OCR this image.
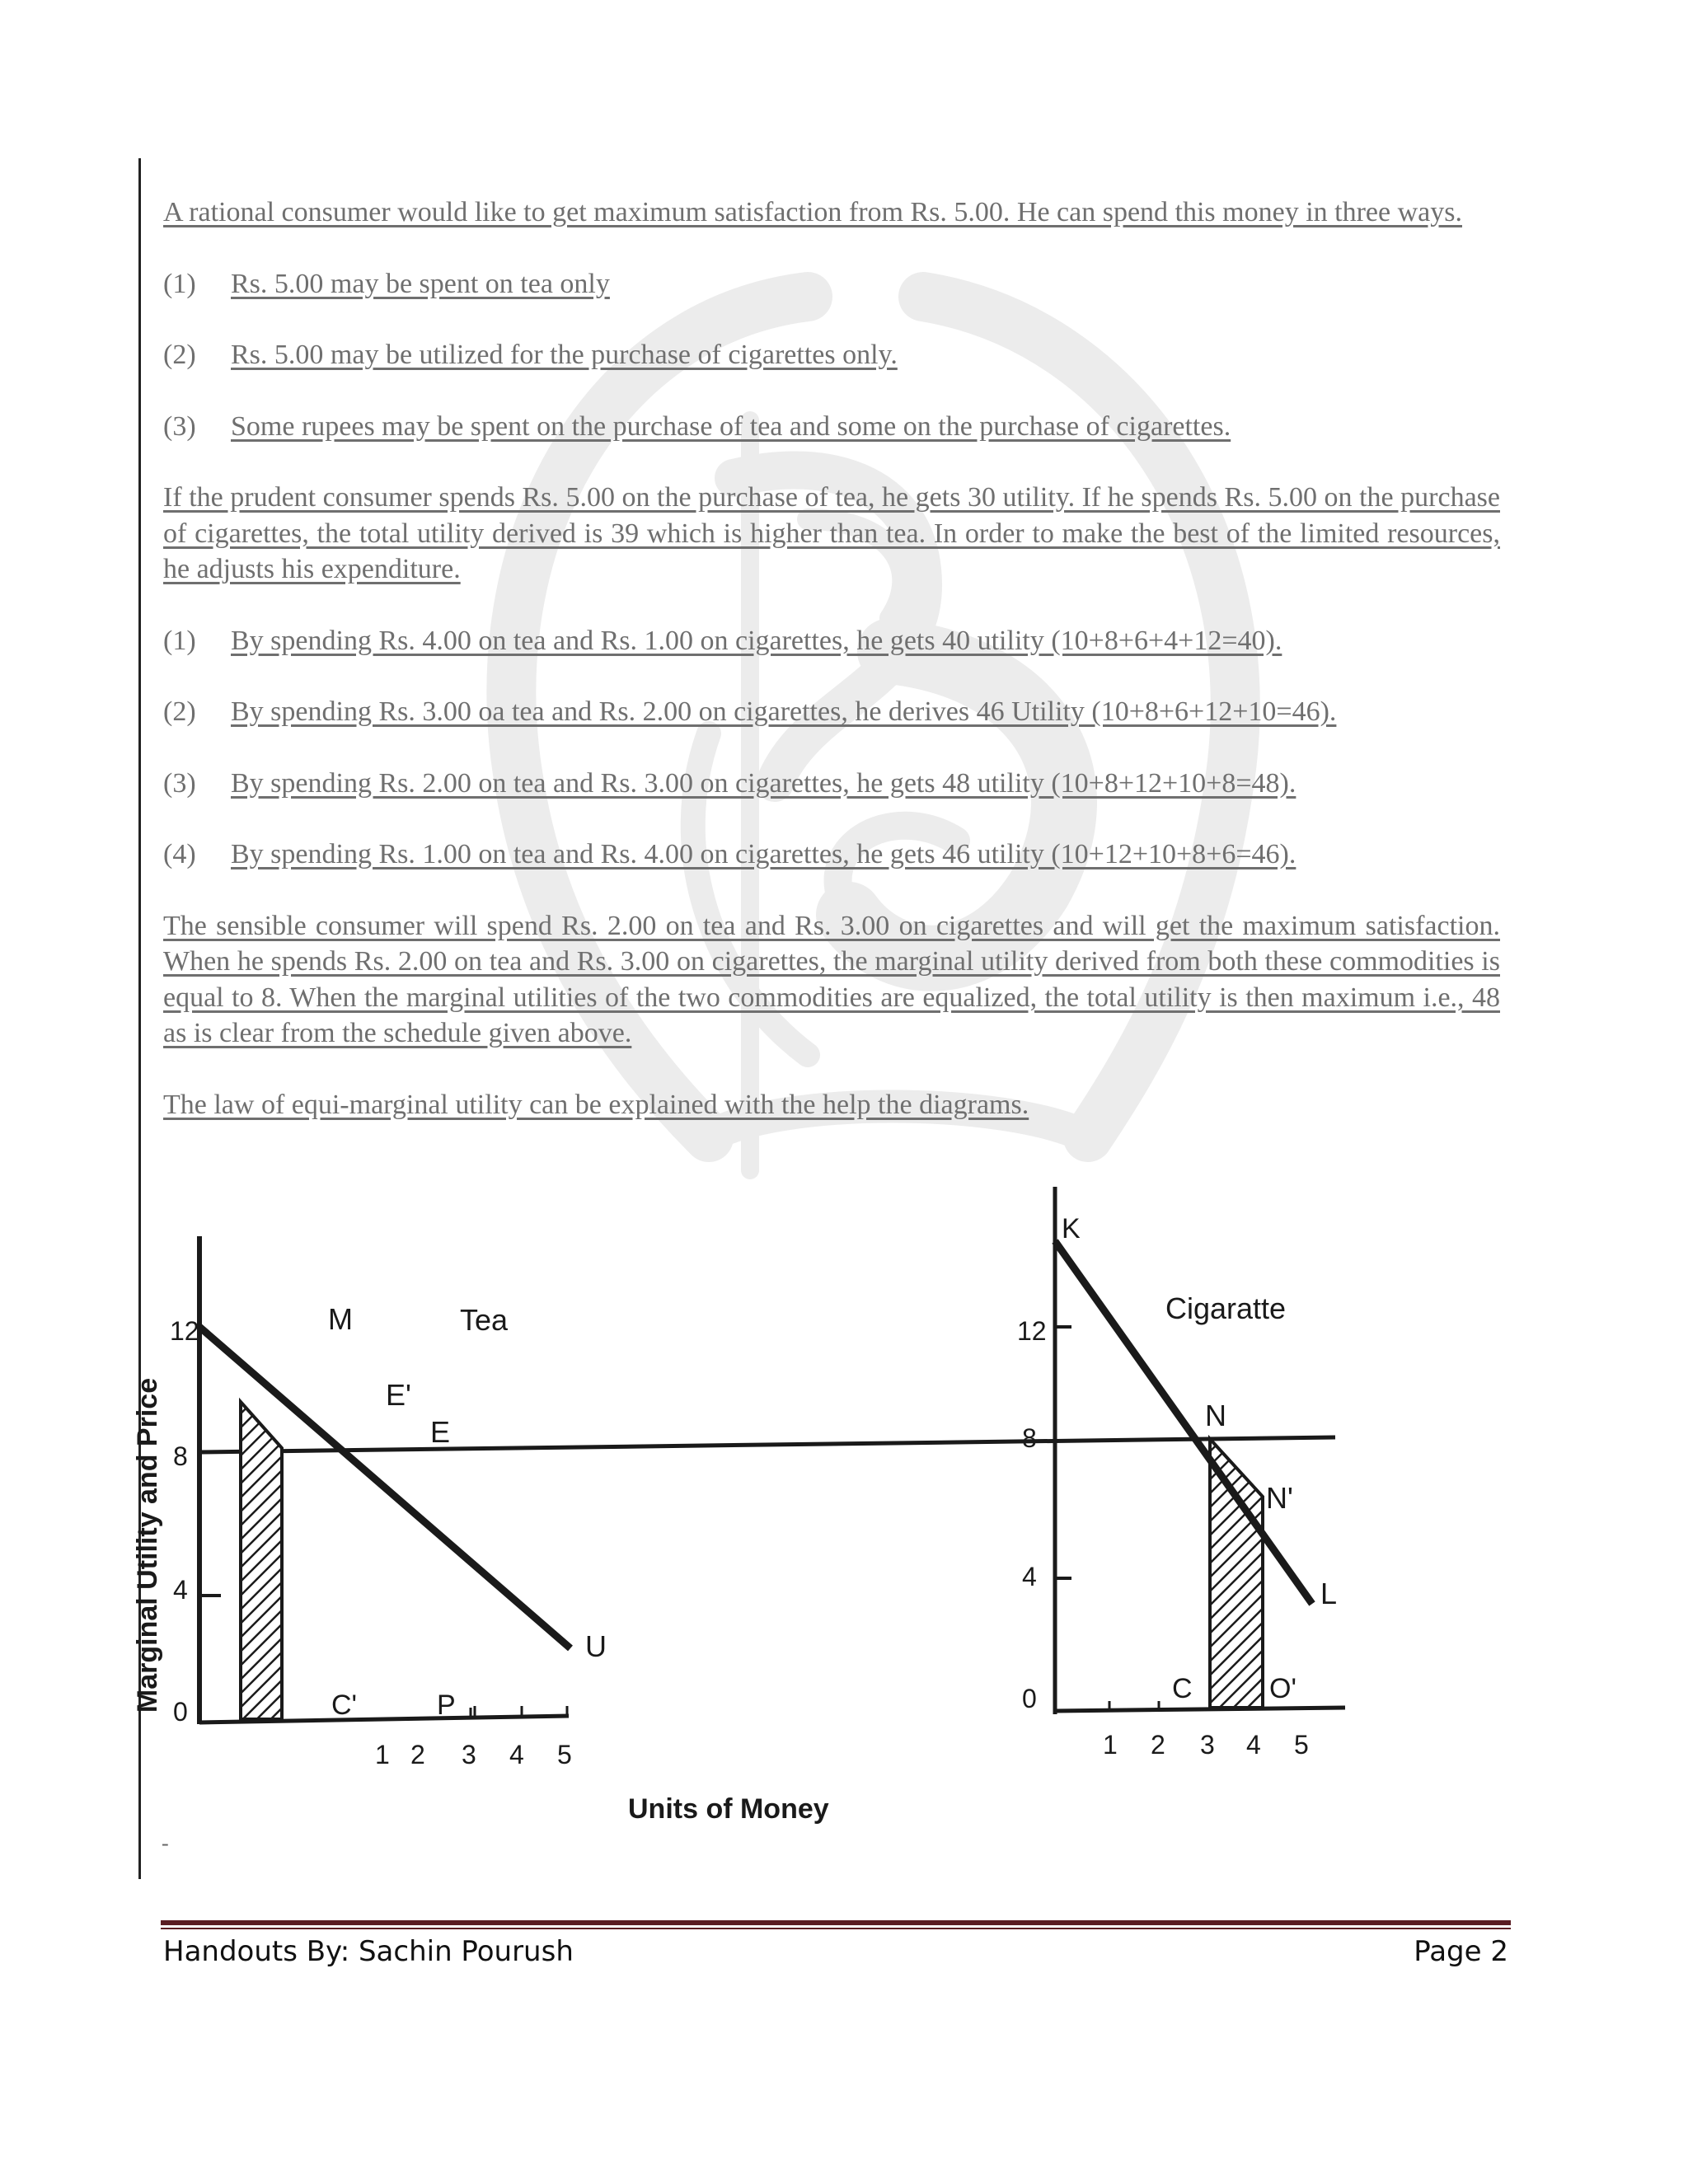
A rational consumer would like to get maximum satisfaction from Rs. 5.00. He can spend this money in three ways.

(1) Rs. 5.00 may be spent on tea only

(2) Rs. 5.00 may be utilized for the purchase of cigarettes only.

(3) Some rupees may be spent on the purchase of tea and some on the purchase of cigarettes.

If the prudent consumer spends Rs. 5.00 on the purchase of tea, he gets 30 utility. If he spends Rs. 5.00 on the purchase of cigarettes, the total utility derived is 39 which is higher than tea. In order to make the best of the limited resources, he adjusts his expenditure.

(1) By spending Rs. 4.00 on tea and Rs. 1.00 on cigarettes, he gets 40 utility (10+8+6+4+12=40).

(2) By spending Rs. 3.00 oa tea and Rs. 2.00 on cigarettes, he derives 46 Utility (10+8+6+12+10=46).

(3) By spending Rs. 2.00 on tea and Rs. 3.00 on cigarettes, he gets 48 utility (10+8+12+10+8=48).

(4) By spending Rs. 1.00 on tea and Rs. 4.00 on cigarettes, he gets 46 utility (10+12+10+8+6=46).

The sensible consumer will spend Rs. 2.00 on tea and Rs. 3.00 on cigarettes and will get the maximum satisfaction. When he spends Rs. 2.00 on tea and Rs. 3.00 on cigarettes, the marginal utility derived from both these commodities is equal to 8. When the marginal utilities of the two commodities are equalized, the total utility is then maximum i.e., 48 as is clear from the schedule given above.

The law of equi-marginal utility can be explained with the help the diagrams.

Marginal Utility and Price
12
8
4
0
Tea
M
U
E'
E
C'	P
1 2 3 4 5
12
8
4
0
Cigaratte
K
N
N'
L
C	O'
1 2 3 4 5
Units of Money
-
Handouts By: Sachin Pourush	Page 2
